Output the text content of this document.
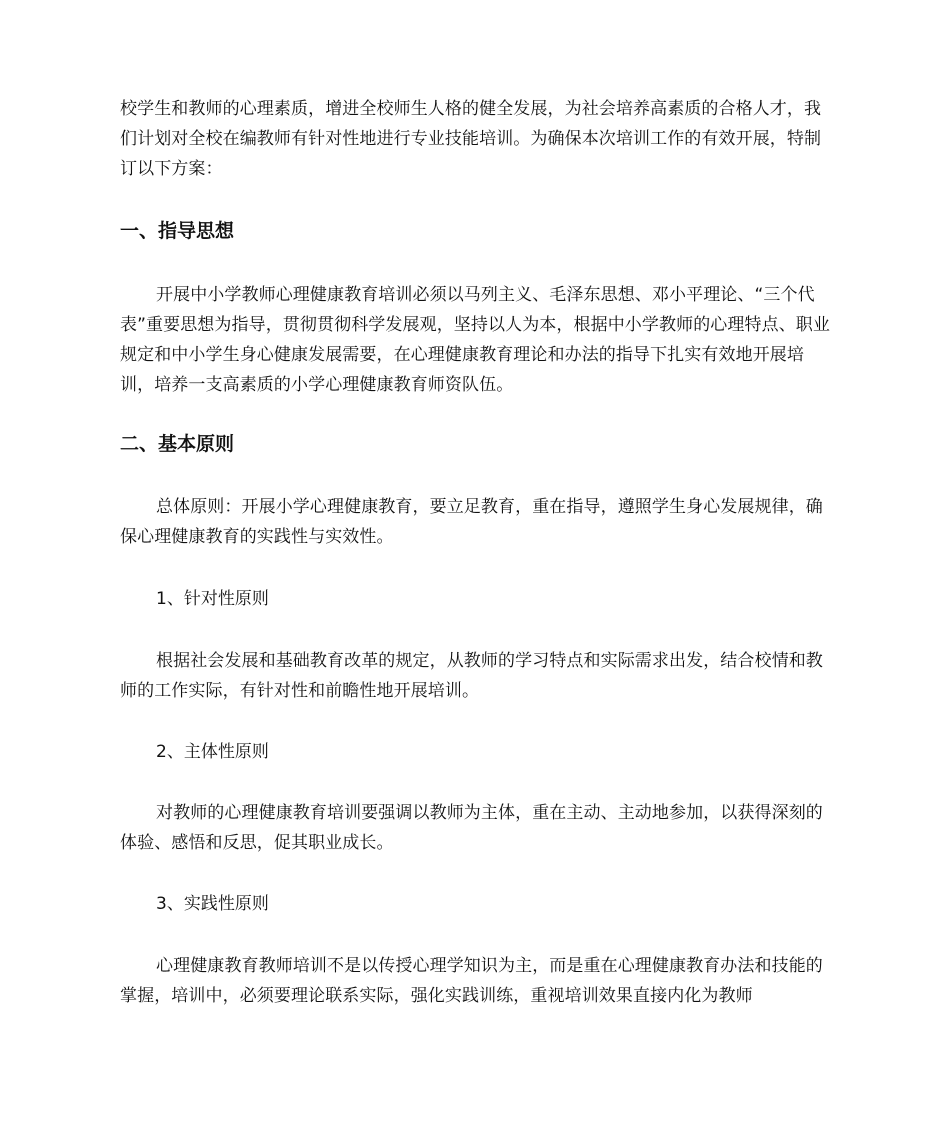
校学生和教师的心理素质，增进全校师生人格的健全发展，为社会培养高素质的合格人才，我们计划对全校在编教师有针对性地进行专业技能培训。为确保本次培训工作的有效开展，特制订以下方案：

一、指导思想

开展中小学教师心理健康教育培训必须以马列主义、毛泽东思想、邓小平理论、“三个代表”重要思想为指导，贯彻贯彻科学发展观，坚持以人为本，根据中小学教师的心理特点、职业规定和中小学生身心健康发展需要，在心理健康教育理论和办法的指导下扎实有效地开展培训，培养一支高素质的小学心理健康教育师资队伍。

二、基本原则

总体原则：开展小学心理健康教育，要立足教育，重在指导，遵照学生身心发展规律，确保心理健康教育的实践性与实效性。

1、针对性原则

根据社会发展和基础教育改革的规定，从教师的学习特点和实际需求出发，结合校情和教师的工作实际，有针对性和前瞻性地开展培训。

2、主体性原则

对教师的心理健康教育培训要强调以教师为主体，重在主动、主动地参加，以获得深刻的体验、感悟和反思，促其职业成长。

3、实践性原则

心理健康教育教师培训不是以传授心理学知识为主，而是重在心理健康教育办法和技能的掌握，培训中，必须要理论联系实际，强化实践训练，重视培训效果直接内化为教师
